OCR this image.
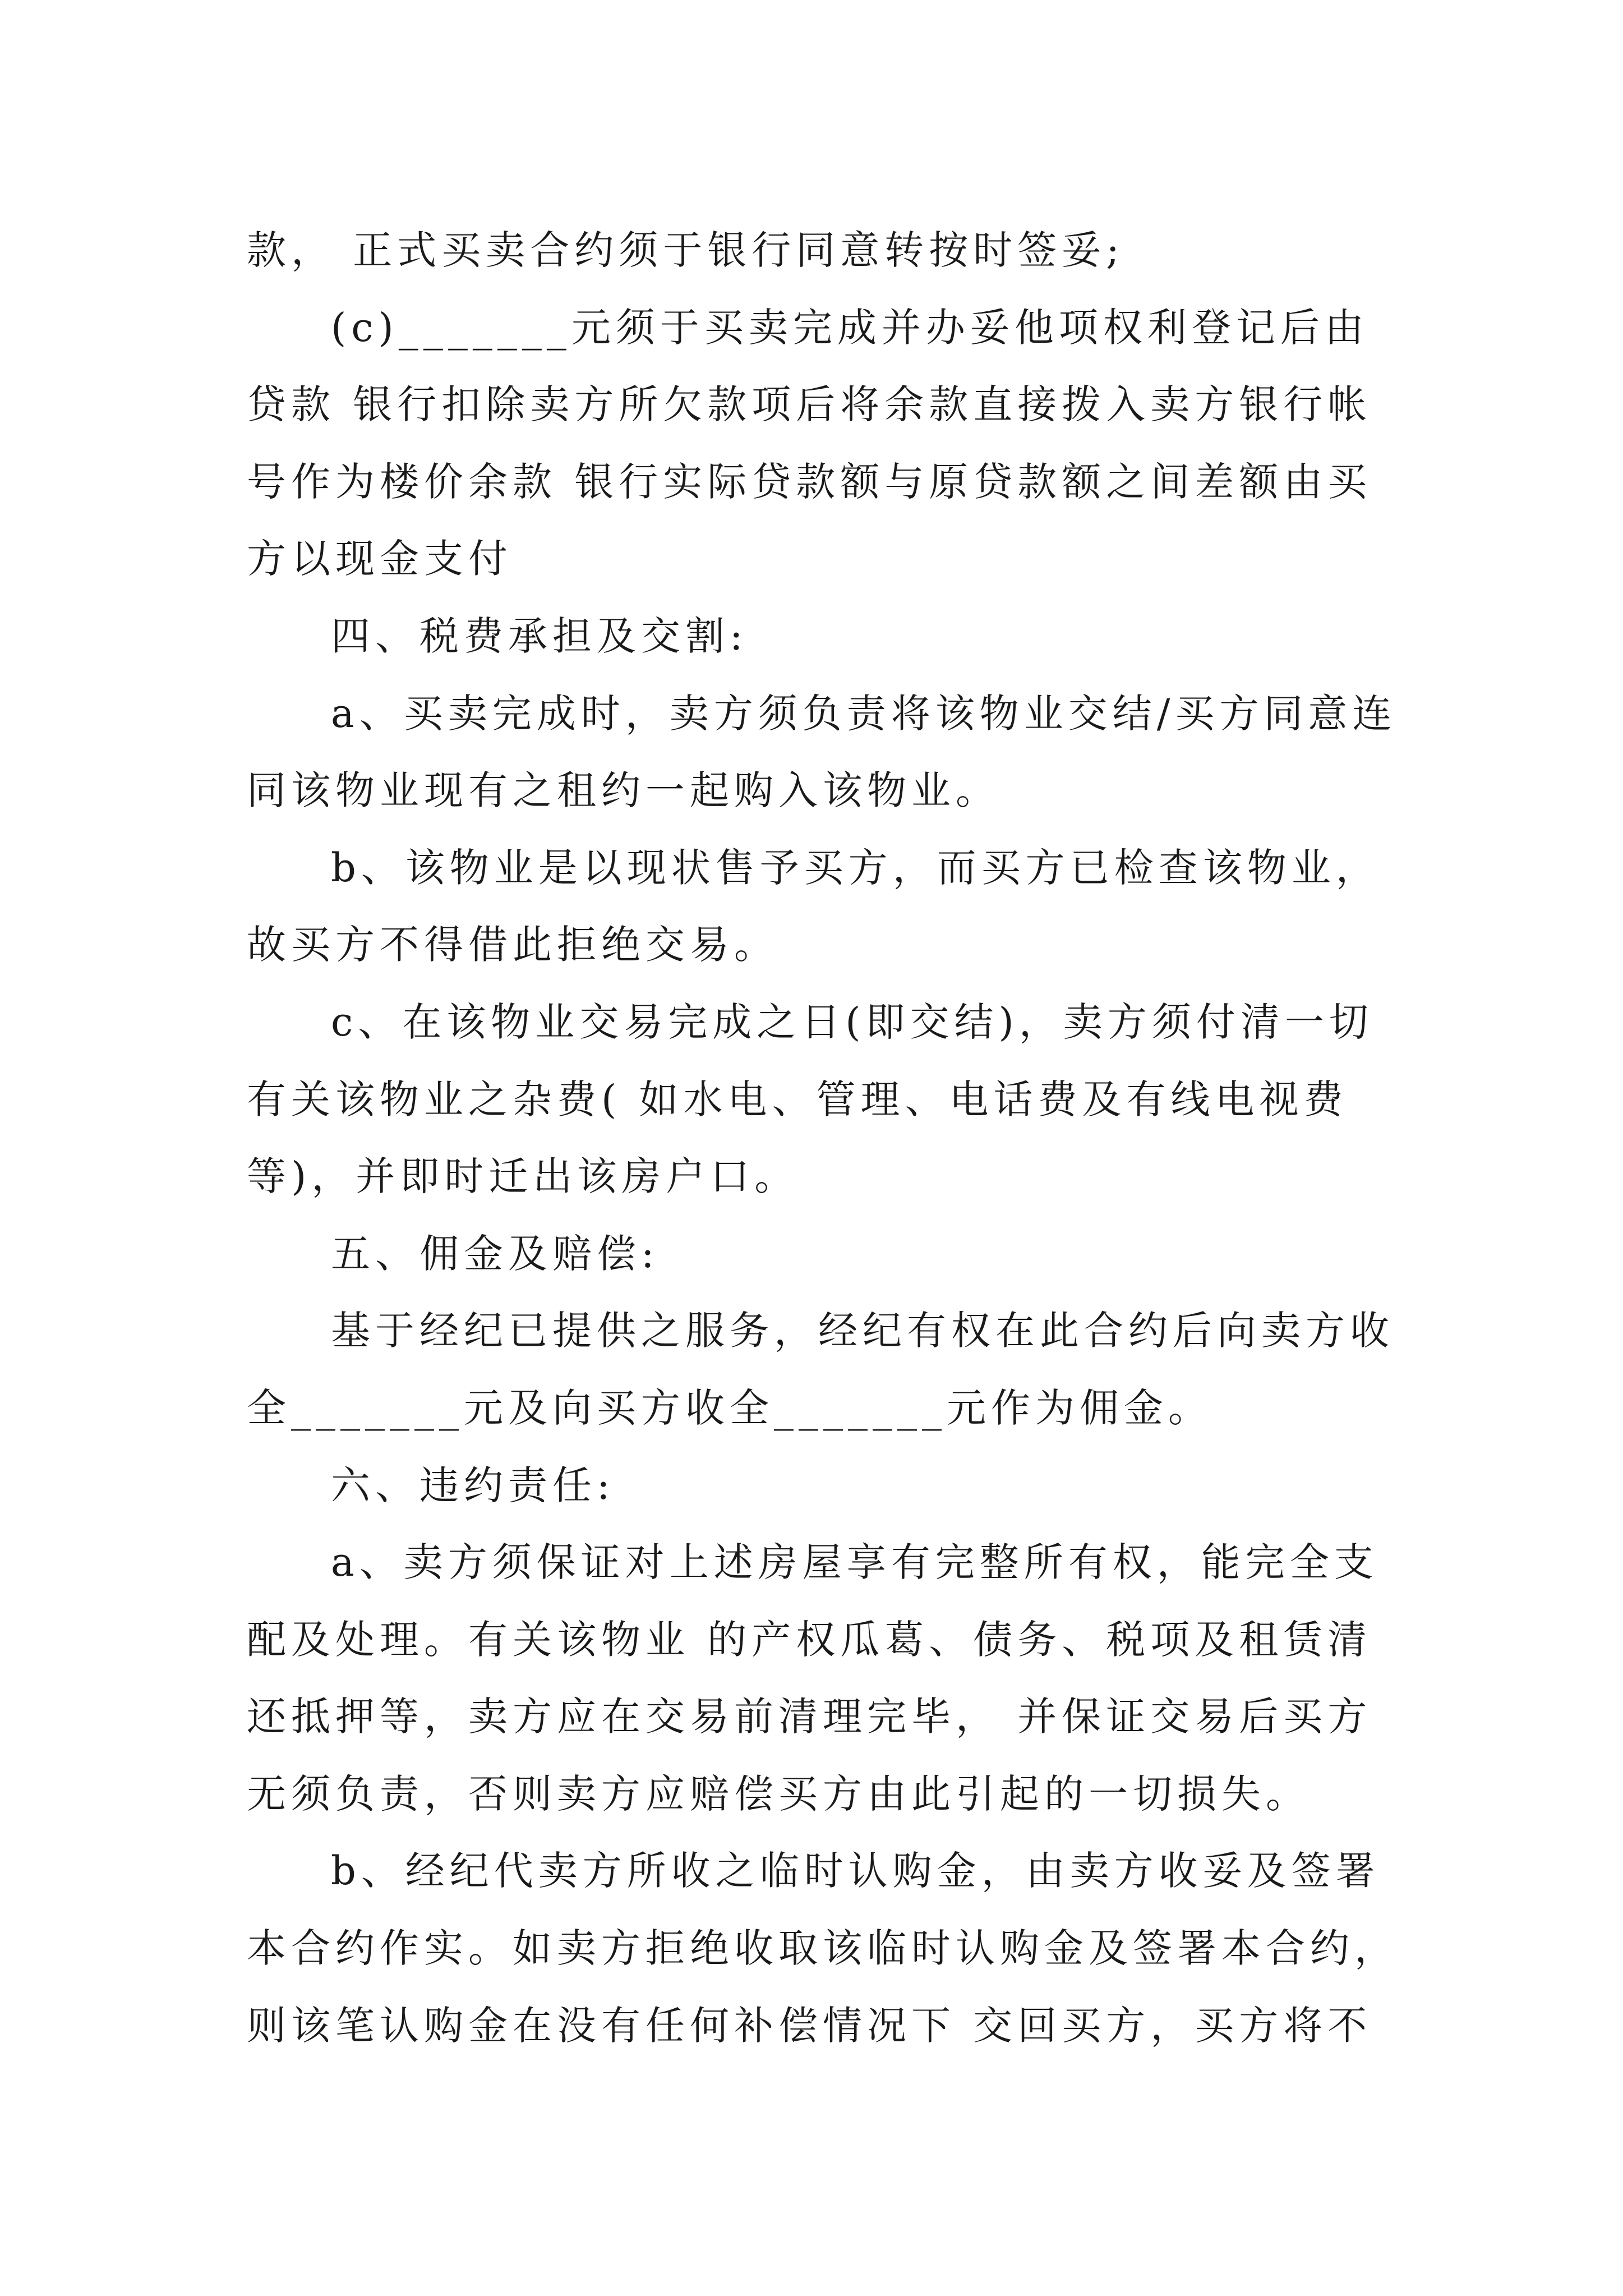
款， 正式买卖合约须于银行同意转按时签妥;
(c)_______元须于买卖完成并办妥他项权利登记后由
贷款 银行扣除卖方所欠款项后将余款直接拨入卖方银行帐
号作为楼价余款 银行实际贷款额与原贷款额之间差额由买
方以现金支付
四、税费承担及交割:
a、买卖完成时，卖方须负责将该物业交结/买方同意连
同该物业现有之租约一起购入该物业。
b、该物业是以现状售予买方，而买方已检查该物业，
故买方不得借此拒绝交易。
c、在该物业交易完成之日(即交结)，卖方须付清一切
有关该物业之杂费( 如水电、管理、电话费及有线电视费
等)，并即时迁出该房户口。
五、佣金及赔偿:
基于经纪已提供之服务，经纪有权在此合约后向卖方收
全_______元及向买方收全_______元作为佣金。
六、违约责任:
a、卖方须保证对上述房屋享有完整所有权，能完全支
配及处理。有关该物业 的产权瓜葛、债务、税项及租赁清
还抵押等，卖方应在交易前清理完毕， 并保证交易后买方
无须负责，否则卖方应赔偿买方由此引起的一切损失。
b、经纪代卖方所收之临时认购金，由卖方收妥及签署
本合约作实。如卖方拒绝收取该临时认购金及签署本合约，
则该笔认购金在没有任何补偿情况下 交回买方，买方将不
